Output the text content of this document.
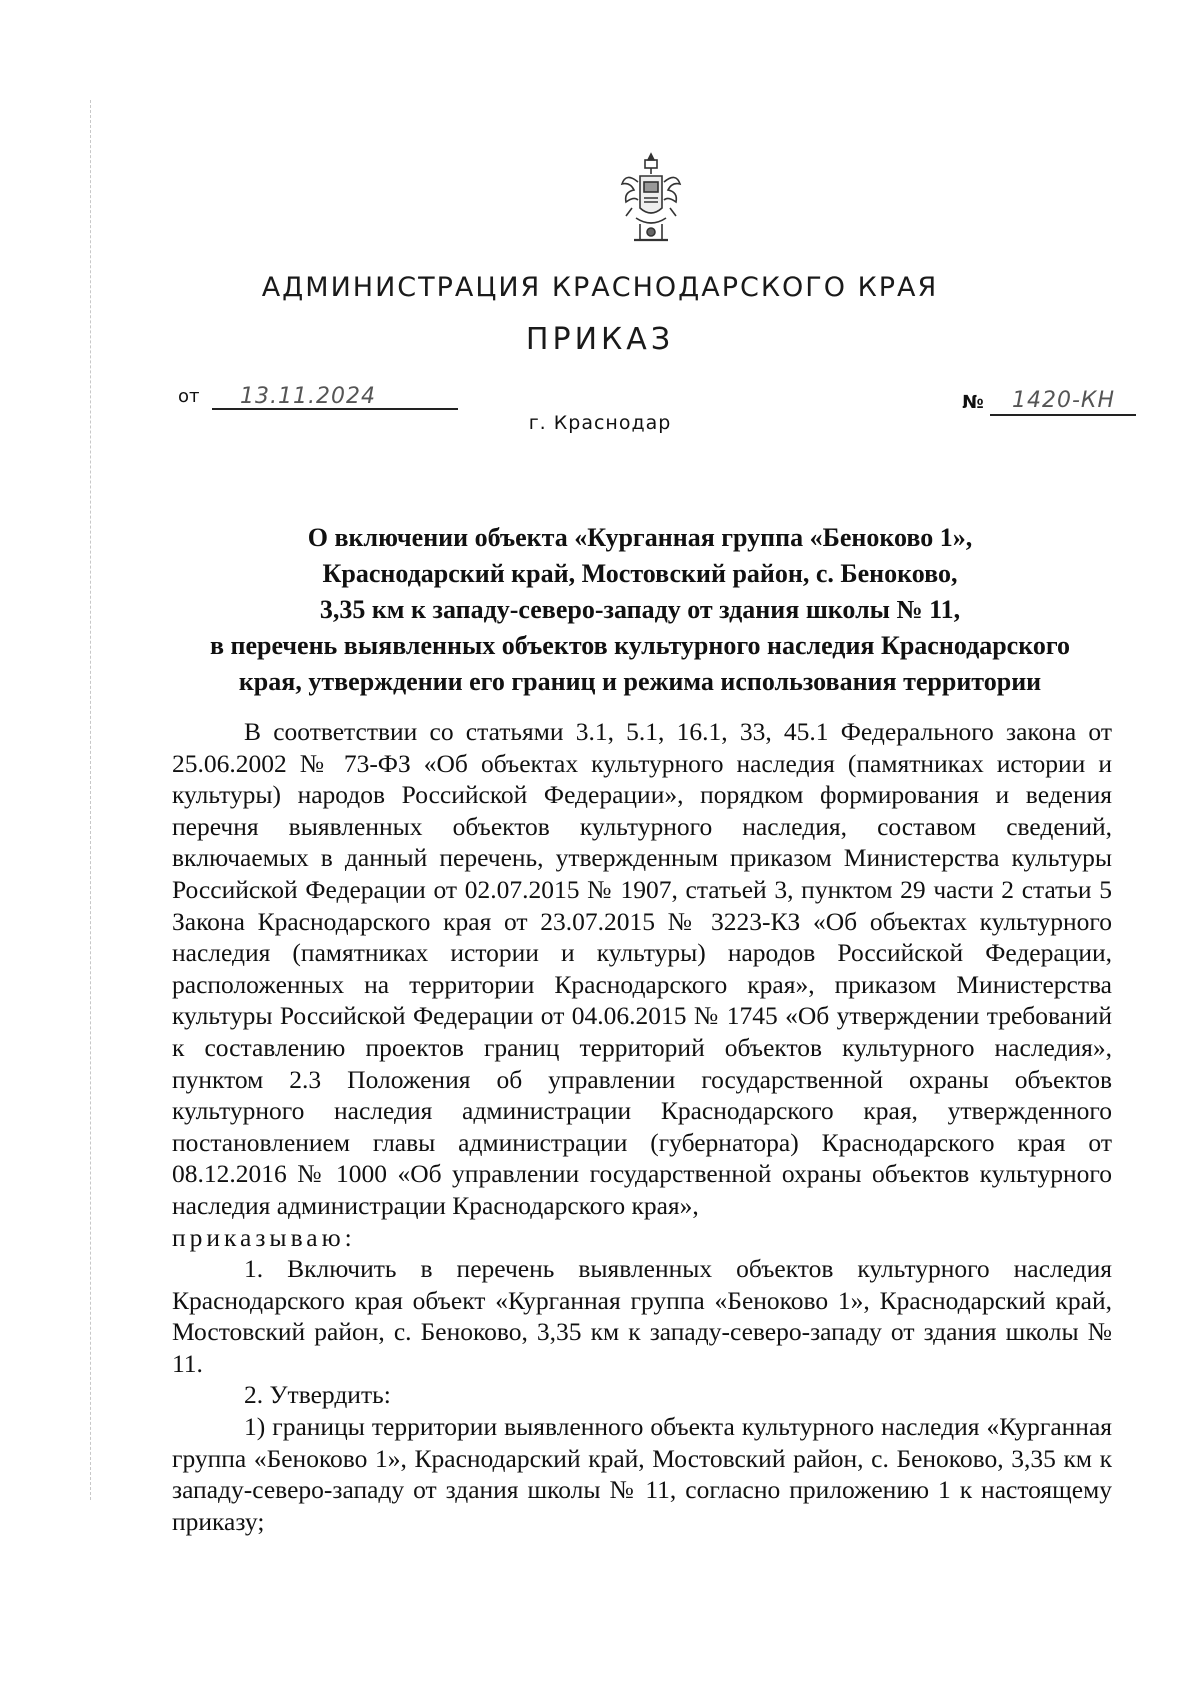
АДМИНИСТРАЦИЯ КРАСНОДАРСКОГО КРАЯ
ПРИКАЗ
от 13.11.2024	№ 1420-КН
г. Краснодар
О включении объекта «Курганная группа «Беноково 1»,
Краснодарский край, Мостовский район, с. Беноково,
3,35 км к западу-северо-западу от здания школы № 11,
в перечень выявленных объектов культурного наследия Краснодарского
края, утверждении его границ и режима использования территории

В соответствии со статьями 3.1, 5.1, 16.1, 33, 45.1 Федерального закона от 25.06.2002 № 73-ФЗ «Об объектах культурного наследия (памятниках истории и культуры) народов Российской Федерации», порядком формирования и ведения перечня выявленных объектов культурного наследия, составом сведений, включаемых в данный перечень, утвержденным приказом Министерства культуры Российской Федерации от 02.07.2015 № 1907, статьей 3, пунктом 29 части 2 статьи 5 Закона Краснодарского края от 23.07.2015 № 3223-КЗ «Об объектах культурного наследия (памятниках истории и культуры) народов Российской Федерации, расположенных на территории Краснодарского края», приказом Министерства культуры Российской Федерации от 04.06.2015 № 1745 «Об утверждении требований к составлению проектов границ территорий объектов культурного наследия», пунктом 2.3 Положения об управлении государственной охраны объектов культурного наследия администрации Краснодарского края, утвержденного постановлением главы администрации (губернатора) Краснодарского края от 08.12.2016 № 1000 «Об управлении государственной охраны объектов культурного наследия администрации Краснодарского края»,

приказываю:

1. Включить в перечень выявленных объектов культурного наследия Краснодарского края объект «Курганная группа «Беноково 1», Краснодарский край, Мостовский район, с. Беноково, 3,35 км к западу-северо-западу от здания школы № 11.

2. Утвердить:

1) границы территории выявленного объекта культурного наследия «Курганная группа «Беноково 1», Краснодарский край, Мостовский район, с. Беноково, 3,35 км к западу-северо-западу от здания школы № 11, согласно приложению 1 к настоящему приказу;
